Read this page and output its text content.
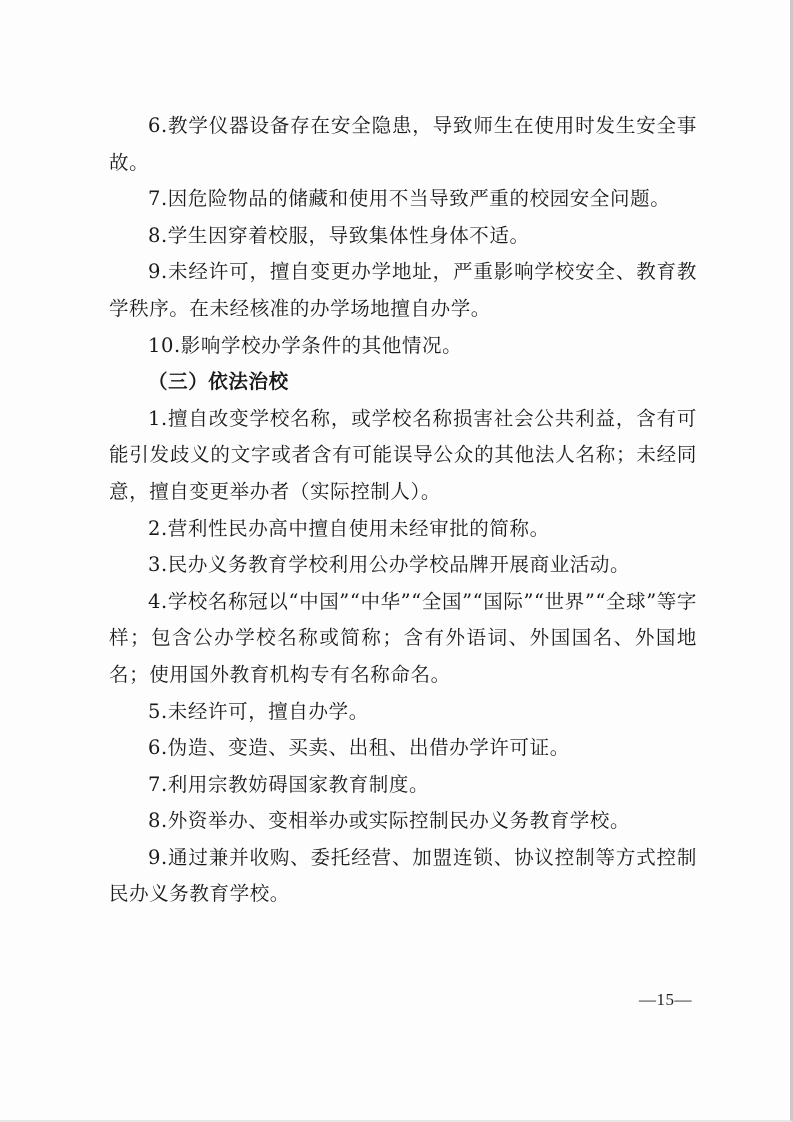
6.教学仪器设备存在安全隐患，导致师生在使用时发生安全事故。

7.因危险物品的储藏和使用不当导致严重的校园安全问题。

8.学生因穿着校服，导致集体性身体不适。

9.未经许可，擅自变更办学地址，严重影响学校安全、教育教学秩序。在未经核准的办学场地擅自办学。

10.影响学校办学条件的其他情况。

（三）依法治校

1.擅自改变学校名称，或学校名称损害社会公共利益，含有可能引发歧义的文字或者含有可能误导公众的其他法人名称；未经同意，擅自变更举办者（实际控制人）。

2.营利性民办高中擅自使用未经审批的简称。

3.民办义务教育学校利用公办学校品牌开展商业活动。

4.学校名称冠以“中国”“中华”“全国”“国际”“世界”“全球”等字样；包含公办学校名称或简称；含有外语词、外国国名、外国地名；使用国外教育机构专有名称命名。

5.未经许可，擅自办学。

6.伪造、变造、买卖、出租、出借办学许可证。

7.利用宗教妨碍国家教育制度。

8.外资举办、变相举办或实际控制民办义务教育学校。

9.通过兼并收购、委托经营、加盟连锁、协议控制等方式控制民办义务教育学校。

—15—
